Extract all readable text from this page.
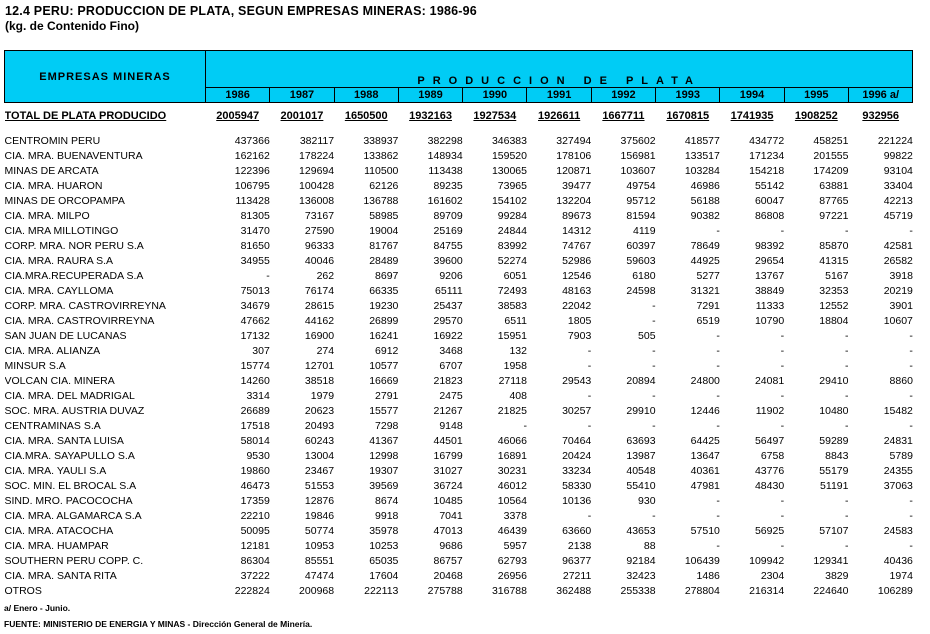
12.4 PERU: PRODUCCION DE PLATA, SEGUN EMPRESAS MINERAS: 1986-96
(kg. de Contenido Fino)
EMPRESAS MINERAS	PRODUCCION DE PLATA										
	1986	1987	1988	1989	1990	1991	1992	1993	1994	1995	1996 a/
TOTAL DE PLATA PRODUCIDO	2005947	2001017	1650500	1932163	1927534	1926611	1667711	1670815	1741935	1908252	932956

CENTROMIN PERU	437366	382117	338937	382298	346383	327494	375602	418577	434772	458251	221224
CIA. MRA. BUENAVENTURA	162162	178224	133862	148934	159520	178106	156981	133517	171234	201555	99822
MINAS DE ARCATA	122396	129694	110500	113438	130065	120871	103607	103284	154218	174209	93104
CIA. MRA. HUARON	106795	100428	62126	89235	73965	39477	49754	46986	55142	63881	33404
MINAS DE ORCOPAMPA	113428	136008	136788	161602	154102	132204	95712	56188	60047	87765	42213
CIA. MRA. MILPO	81305	73167	58985	89709	99284	89673	81594	90382	86808	97221	45719
CIA. MRA MILLOTINGO	31470	27590	19004	25169	24844	14312	4119	-	-	-	-
CORP. MRA. NOR PERU S.A	81650	96333	81767	84755	83992	74767	60397	78649	98392	85870	42581
CIA. MRA. RAURA S.A	34955	40046	28489	39600	52274	52986	59603	44925	29654	41315	26582
CIA.MRA.RECUPERADA S.A	-	262	8697	9206	6051	12546	6180	5277	13767	5167	3918
CIA. MRA. CAYLLOMA	75013	76174	66335	65111	72493	48163	24598	31321	38849	32353	20219
CORP. MRA. CASTROVIRREYNA	34679	28615	19230	25437	38583	22042	-	7291	11333	12552	3901
CIA. MRA. CASTROVIRREYNA	47662	44162	26899	29570	6511	1805	-	6519	10790	18804	10607
SAN JUAN DE LUCANAS	17132	16900	16241	16922	15951	7903	505	-	-	-	-
CIA. MRA. ALIANZA	307	274	6912	3468	132	-	-	-	-	-	-
MINSUR S.A	15774	12701	10577	6707	1958	-	-	-	-	-	-
VOLCAN CIA. MINERA	14260	38518	16669	21823	27118	29543	20894	24800	24081	29410	8860
CIA. MRA. DEL MADRIGAL	3314	1979	2791	2475	408	-	-	-	-	-	-
SOC. MRA. AUSTRIA DUVAZ	26689	20623	15577	21267	21825	30257	29910	12446	11902	10480	15482
CENTRAMINAS S.A	17518	20493	7298	9148	-	-	-	-	-	-	-
CIA. MRA. SANTA LUISA	58014	60243	41367	44501	46066	70464	63693	64425	56497	59289	24831
CIA.MRA. SAYAPULLO S.A	9530	13004	12998	16799	16891	20424	13987	13647	6758	8843	5789
CIA. MRA. YAULI S.A	19860	23467	19307	31027	30231	33234	40548	40361	43776	55179	24355
SOC. MIN. EL BROCAL S.A	46473	51553	39569	36724	46012	58330	55410	47981	48430	51191	37063
SIND. MRO. PACOCOCHA	17359	12876	8674	10485	10564	10136	930	-	-	-	-
CIA. MRA. ALGAMARCA S.A	22210	19846	9918	7041	3378	-	-	-	-	-	-
CIA. MRA. ATACOCHA	50095	50774	35978	47013	46439	63660	43653	57510	56925	57107	24583
CIA. MRA. HUAMPAR	12181	10953	10253	9686	5957	2138	88	-	-	-	-
SOUTHERN PERU COPP. C.	86304	85551	65035	86757	62793	96377	92184	106439	109942	129341	40436
CIA. MRA. SANTA RITA	37222	47474	17604	20468	26956	27211	32423	1486	2304	3829	1974
OTROS	222824	200968	222113	275788	316788	362488	255338	278804	216314	224640	106289
a/ Enero - Junio.
FUENTE: MINISTERIO DE ENERGIA Y MINAS - Dirección General de Minería.
